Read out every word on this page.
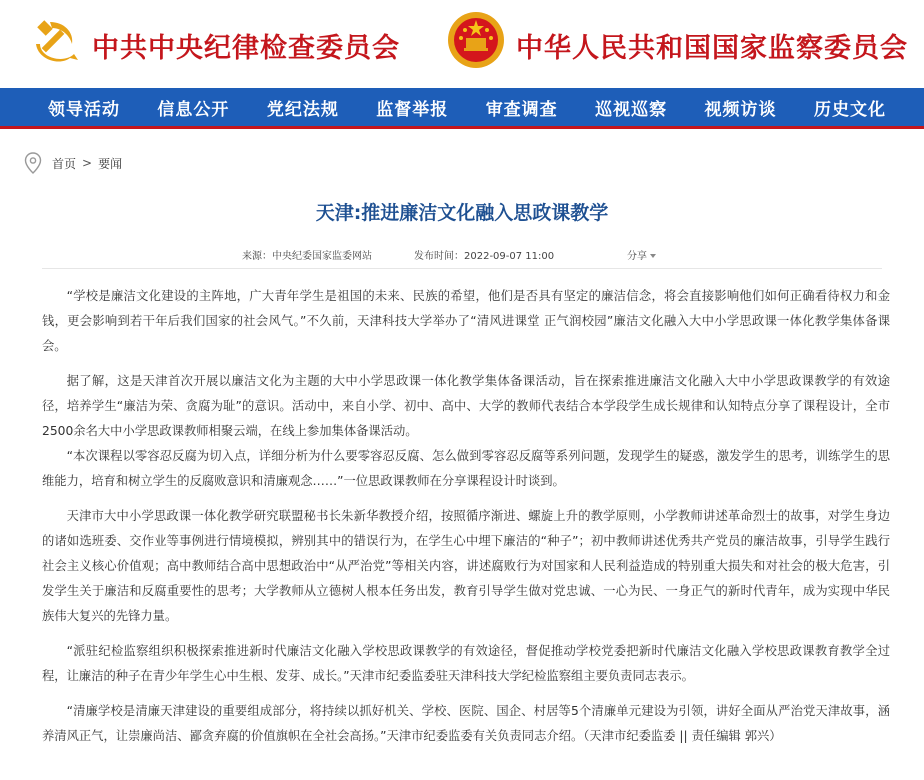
中共中央纪律检查委员会	中华人民共和国国家监察委员会
领导活动 信息公开 党纪法规 监督举报 审查调查 巡视巡察 视频访谈 历史文化
首页 > 要闻
天津:推进廉洁文化融入思政课教学
来源：中央纪委国家监委网站	发布时间：2022-09-07 11:00	分享

“学校是廉洁文化建设的主阵地，广大青年学生是祖国的未来、民族的希望，他们是否具有坚定的廉洁信念，将会直接影响他们如何正确看待权力和金钱，更会影响到若干年后我们国家的社会风气。”不久前，天津科技大学举办了“清风进课堂 正气润校园”廉洁文化融入大中小学思政课一体化教学集体备课会。

据了解，这是天津首次开展以廉洁文化为主题的大中小学思政课一体化教学集体备课活动，旨在探索推进廉洁文化融入大中小学思政课教学的有效途径，培养学生“廉洁为荣、贪腐为耻”的意识。活动中，来自小学、初中、高中、大学的教师代表结合本学段学生成长规律和认知特点分享了课程设计，全市2500余名大中小学思政课教师相聚云端，在线上参加集体备课活动。

“本次课程以零容忍反腐为切入点，详细分析为什么要零容忍反腐、怎么做到零容忍反腐等系列问题，发现学生的疑惑，激发学生的思考，训练学生的思维能力，培育和树立学生的反腐败意识和清廉观念……”一位思政课教师在分享课程设计时谈到。

天津市大中小学思政课一体化教学研究联盟秘书长朱新华教授介绍，按照循序渐进、螺旋上升的教学原则，小学教师讲述革命烈士的故事，对学生身边的诸如选班委、交作业等事例进行情境模拟，辨别其中的错误行为，在学生心中埋下廉洁的“种子”；初中教师讲述优秀共产党员的廉洁故事，引导学生践行社会主义核心价值观；高中教师结合高中思想政治中“从严治党”等相关内容，讲述腐败行为对国家和人民利益造成的特别重大损失和对社会的极大危害，引发学生关于廉洁和反腐重要性的思考；大学教师从立德树人根本任务出发，教育引导学生做对党忠诚、一心为民、一身正气的新时代青年，成为实现中华民族伟大复兴的先锋力量。

“派驻纪检监察组织积极探索推进新时代廉洁文化融入学校思政课教学的有效途径，督促推动学校党委把新时代廉洁文化融入学校思政课教育教学全过程，让廉洁的种子在青少年学生心中生根、发芽、成长。”天津市纪委监委驻天津科技大学纪检监察组主要负责同志表示。

“清廉学校是清廉天津建设的重要组成部分，将持续以抓好机关、学校、医院、国企、村居等5个清廉单元建设为引领，讲好全面从严治党天津故事，涵养清风正气，让崇廉尚洁、鄙贪弃腐的价值旗帜在全社会高扬。”天津市纪委监委有关负责同志介绍。（天津市纪委监委 || 责任编辑 郭兴）
